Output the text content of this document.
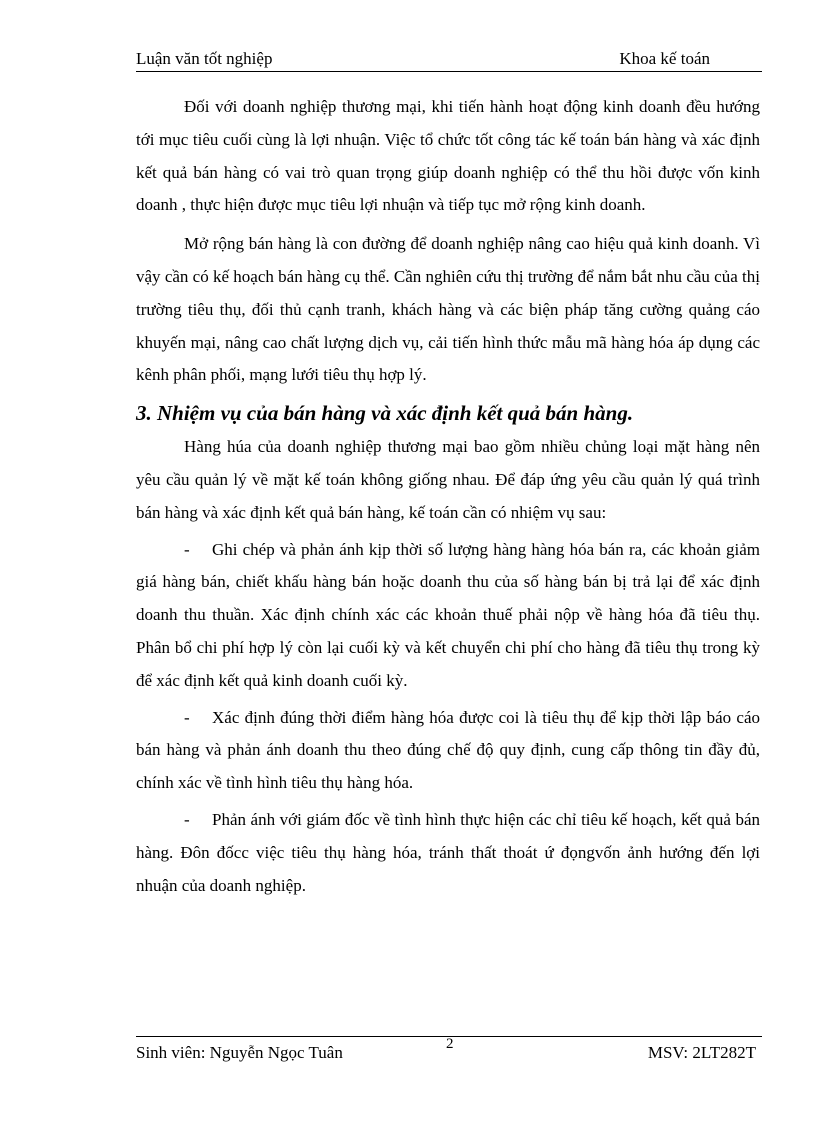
Luận văn tốt nghiệp	Khoa kế toán

Đối với doanh nghiệp thương mại, khi tiến hành hoạt động kinh doanh đều hướng tới mục tiêu cuối cùng là lợi nhuận. Việc tổ chức tốt công tác kế toán bán hàng và xác định kết quả bán hàng có vai trò quan trọng giúp doanh nghiệp có thể thu hồi được vốn kinh doanh , thực hiện được mục tiêu lợi nhuận và tiếp tục mở rộng kinh doanh.

Mở rộng bán hàng là con đường để doanh nghiệp nâng cao hiệu quả kinh doanh. Vì vậy cần có kế hoạch bán hàng cụ thể. Cần nghiên cứu thị trường để nắm bắt nhu cầu của thị trường tiêu thụ, đối thủ cạnh tranh, khách hàng và các biện pháp tăng cường quảng cáo khuyến mại, nâng cao chất lượng dịch vụ, cải tiến hình thức mẫu mã hàng hóa áp dụng các kênh phân phối, mạng lưới tiêu thụ hợp lý.

3. Nhiệm vụ của bán hàng và xác định kết quả bán hàng.

Hàng húa của doanh nghiệp thương mại bao gồm nhiều chủng loại mặt hàng nên yêu cầu quản lý về mặt kế toán không giống nhau. Để đáp ứng yêu cầu quản lý quá trình bán hàng và xác định kết quả bán hàng, kế toán cần có nhiệm vụ sau:

- Ghi chép và phản ánh kịp thời số lượng hàng hàng hóa bán ra, các khoản giảm giá hàng bán, chiết khấu hàng bán hoặc doanh thu của số hàng bán bị trả lại để xác định doanh thu thuần. Xác định chính xác các khoản thuế phải nộp về hàng hóa đã tiêu thụ. Phân bổ chi phí hợp lý còn lại cuối kỳ và kết chuyển chi phí cho hàng đã tiêu thụ trong kỳ để xác định kết quả kinh doanh cuối kỳ.

- Xác định đúng thời điểm hàng hóa được coi là tiêu thụ để kịp thời lập báo cáo bán hàng và phản ánh doanh thu theo đúng chế độ quy định, cung cấp thông tin đầy đủ, chính xác về tình hình tiêu thụ hàng hóa.

- Phản ánh với giám đốc về tình hình thực hiện các chỉ tiêu kế hoạch, kết quả bán hàng. Đôn đốcc việc tiêu thụ hàng hóa, tránh thất thoát ứ đọngvốn ảnh hướng đến lợi nhuận của doanh nghiệp.

Sinh viên: Nguyễn Ngọc Tuân	2	MSV: 2LT282T
